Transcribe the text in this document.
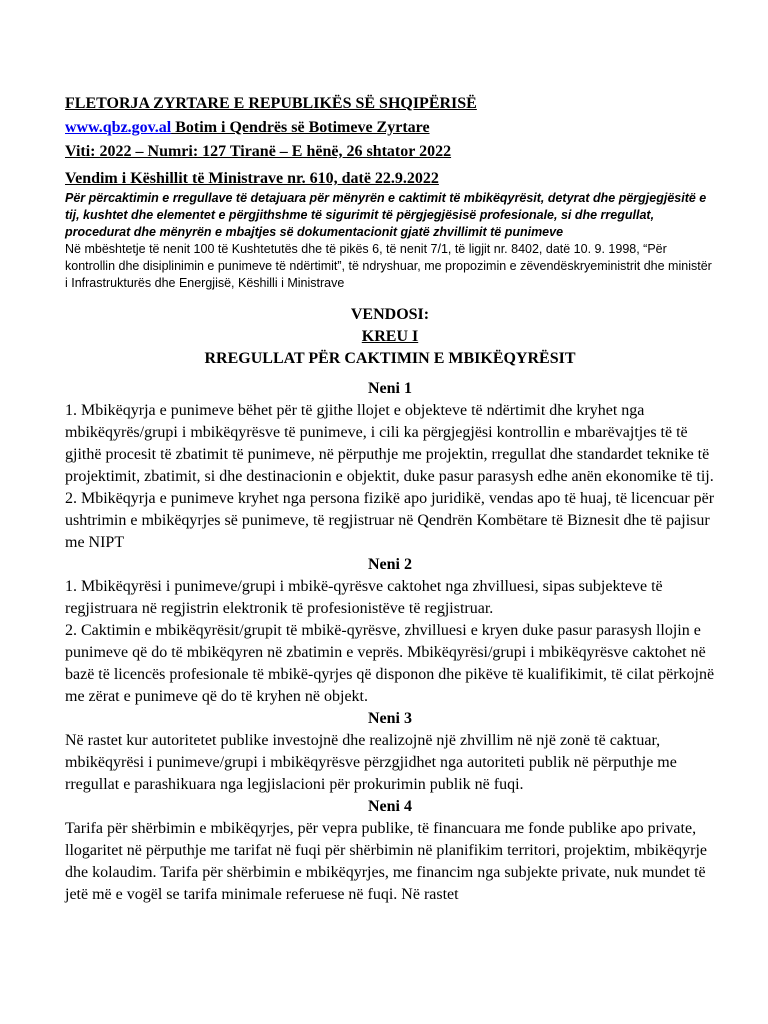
FLETORJA ZYRTARE E REPUBLIKËS SË SHQIPËRISË
www.qbz.gov.al Botim i Qendrës së Botimeve Zyrtare
Viti: 2022 – Numri: 127 Tiranë – E hënë, 26 shtator 2022
Vendim i Këshillit të Ministrave nr. 610, datë 22.9.2022
Për përcaktimin e rregullave të detajuara për mënyrën e caktimit të mbikëqyrësit, detyrat dhe përgjegjësitë e tij, kushtet dhe elementet e përgjithshme të sigurimit të përgjegjësisë profesionale, si dhe rregullat, procedurat dhe mënyrën e mbajtjes së dokumentacionit gjatë zhvillimit të punimeve
Në mbështetje të nenit 100 të Kushtetutës dhe të pikës 6, të nenit 7/1, të ligjit nr. 8402, datë 10. 9. 1998, “Për kontrollin dhe disiplinimin e punimeve të ndërtimit”, të ndryshuar, me propozimin e zëvendëskryeministrit dhe ministër i Infrastrukturës dhe Energjisë, Këshilli i Ministrave
VENDOSI:
KREU I
RREGULLAT PËR CAKTIMIN E MBIKËQYRËSIT
Neni 1
1. Mbikëqyrja e punimeve bëhet për të gjithe llojet e objekteve të ndërtimit dhe kryhet nga mbikëqyrës/grupi i mbikëqyrësve të punimeve, i cili ka përgjegjësi kontrollin e mbarëvajtjes të të gjithë procesit të zbatimit të punimeve, në përputhje me projektin, rregullat dhe standardet teknike të projektimit, zbatimit, si dhe destinacionin e objektit, duke pasur parasysh edhe anën ekonomike të tij.
2. Mbikëqyrja e punimeve kryhet nga persona fizikë apo juridikë, vendas apo të huaj, të licencuar për ushtrimin e mbikëqyrjes së punimeve, të regjistruar në Qendrën Kombëtare të Biznesit dhe të pajisur me NIPT
Neni 2
1. Mbikëqyrësi i punimeve/grupi i mbikë-qyrësve caktohet nga zhvilluesi, sipas subjekteve të regjistruara në regjistrin elektronik të profesionistëve të regjistruar.
2. Caktimin e mbikëqyrësit/grupit të mbikë-qyrësve, zhvilluesi e kryen duke pasur parasysh llojin e punimeve që do të mbikëqyren në zbatimin e veprës. Mbikëqyrësi/grupi i mbikëqyrësve caktohet në bazë të licencës profesionale të mbikë-qyrjes që disponon dhe pikëve të kualifikimit, të cilat përkojnë me zërat e punimeve që do të kryhen në objekt.
Neni 3
Në rastet kur autoritetet publike investojnë dhe realizojnë një zhvillim në një zonë të caktuar, mbikëqyrësi i punimeve/grupi i mbikëqyrësve përzgjidhet nga autoriteti publik në përputhje me rregullat e parashikuara nga legjislacioni për prokurimin publik në fuqi.
Neni 4
Tarifa për shërbimin e mbikëqyrjes, për vepra publike, të financuara me fonde publike apo private, llogaritet në përputhje me tarifat në fuqi për shërbimin në planifikim territori, projektim, mbikëqyrje dhe kolaudim. Tarifa për shërbimin e mbikëqyrjes, me financim nga subjekte private, nuk mundet të jetë më e vogël se tarifa minimale referuese në fuqi. Në rastet
